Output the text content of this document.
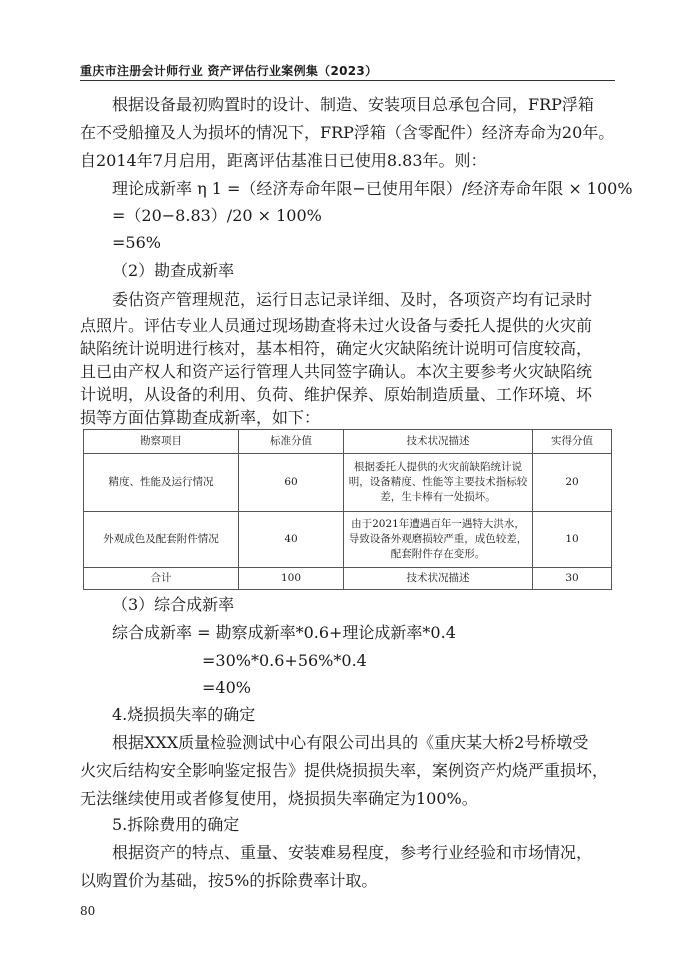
重庆市注册会计师行业 资产评估行业案例集（2023）
根据设备最初购置时的设计、制造、安装项目总承包合同，FRP浮箱
在不受船撞及人为损坏的情况下，FRP浮箱（含零配件）经济寿命为20年。
自2014年7月启用，距离评估基准日已使用8.83年。则：
理论成新率 η 1 =（经济寿命年限−已使用年限）/经济寿命年限 × 100%
=（20−8.83）/20 × 100%
=56%
（2）勘查成新率
委估资产管理规范，运行日志记录详细、及时，各项资产均有记录时
点照片。评估专业人员通过现场勘查将未过火设备与委托人提供的火灾前
缺陷统计说明进行核对，基本相符，确定火灾缺陷统计说明可信度较高，
且已由产权人和资产运行管理人共同签字确认。本次主要参考火灾缺陷统
计说明，从设备的利用、负荷、维护保养、原始制造质量、工作环境、坏
勘察项目	标准分值	技术状况描述	实得分值
精度、性能及运行情况	60	根据委托人提供的火灾前缺陷统计说明，设备精度、性能等主要技术指标较差，生卡棒有一处损坏。	20
外观成色及配套附件情况	40	由于2021年遭遇百年一遇特大洪水，导致设备外观磨损较严重，成色较差，配套附件存在变形。	10
合计	100	技术状况描述	30
（3）综合成新率
综合成新率 = 勘察成新率*0.6+理论成新率*0.4
=30%*0.6+56%*0.4
=40%
4.烧损损失率的确定
根据XXX质量检验测试中心有限公司出具的《重庆某大桥2号桥墩受
火灾后结构安全影响鉴定报告》提供烧损损失率，案例资产灼烧严重损坏，
无法继续使用或者修复使用，烧损损失率确定为100%。
5.拆除费用的确定
根据资产的特点、重量、安装难易程度，参考行业经验和市场情况，
以购置价为基础，按5%的拆除费率计取。
80
损等方面估算勘查成新率，如下：
